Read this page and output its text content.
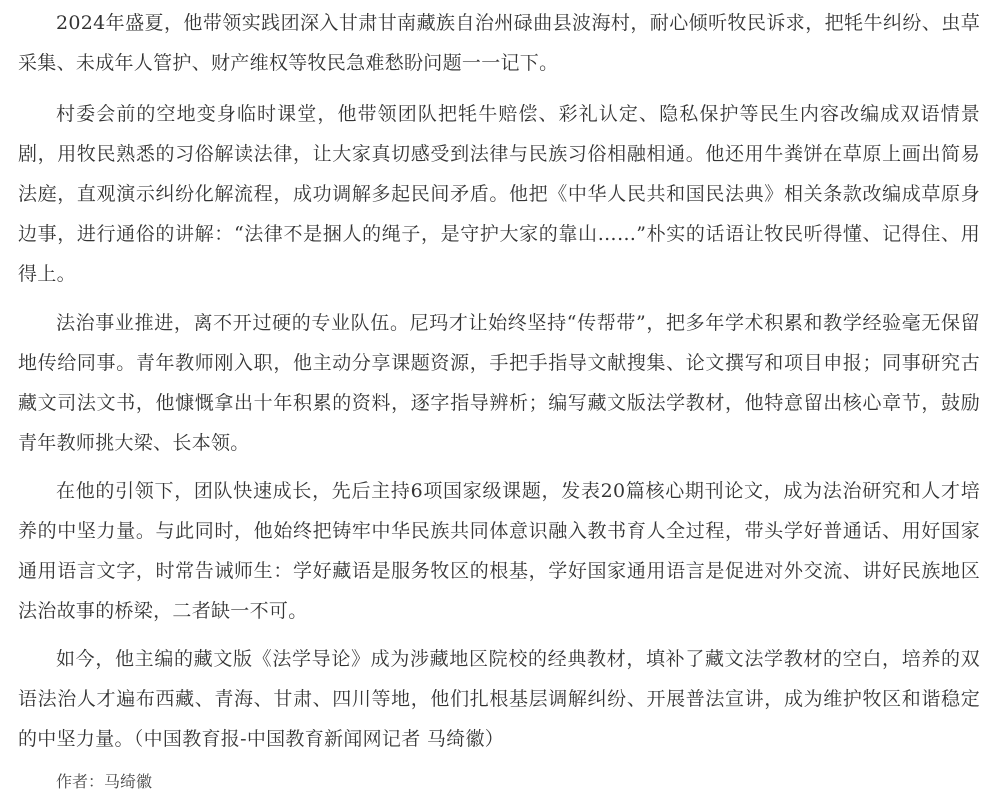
2024年盛夏，他带领实践团深入甘肃甘南藏族自治州碌曲县波海村，耐心倾听牧民诉求，把牦牛纠纷、虫草采集、未成年人管护、财产维权等牧民急难愁盼问题一一记下。

村委会前的空地变身临时课堂，他带领团队把牦牛赔偿、彩礼认定、隐私保护等民生内容改编成双语情景剧，用牧民熟悉的习俗解读法律，让大家真切感受到法律与民族习俗相融相通。他还用牛粪饼在草原上画出简易法庭，直观演示纠纷化解流程，成功调解多起民间矛盾。他把《中华人民共和国民法典》相关条款改编成草原身边事，进行通俗的讲解：“法律不是捆人的绳子，是守护大家的靠山……”朴实的话语让牧民听得懂、记得住、用得上。

法治事业推进，离不开过硬的专业队伍。尼玛才让始终坚持“传帮带”，把多年学术积累和教学经验毫无保留地传给同事。青年教师刚入职，他主动分享课题资源，手把手指导文献搜集、论文撰写和项目申报；同事研究古藏文司法文书，他慷慨拿出十年积累的资料，逐字指导辨析；编写藏文版法学教材，他特意留出核心章节，鼓励青年教师挑大梁、长本领。

在他的引领下，团队快速成长，先后主持6项国家级课题，发表20篇核心期刊论文，成为法治研究和人才培养的中坚力量。与此同时，他始终把铸牢中华民族共同体意识融入教书育人全过程，带头学好普通话、用好国家通用语言文字，时常告诫师生：学好藏语是服务牧区的根基，学好国家通用语言是促进对外交流、讲好民族地区法治故事的桥梁，二者缺一不可。

如今，他主编的藏文版《法学导论》成为涉藏地区院校的经典教材，填补了藏文法学教材的空白，培养的双语法治人才遍布西藏、青海、甘肃、四川等地，他们扎根基层调解纠纷、开展普法宣讲，成为维护牧区和谐稳定的中坚力量。（中国教育报-中国教育新闻网记者 马绮徽）

作者：马绮徽
